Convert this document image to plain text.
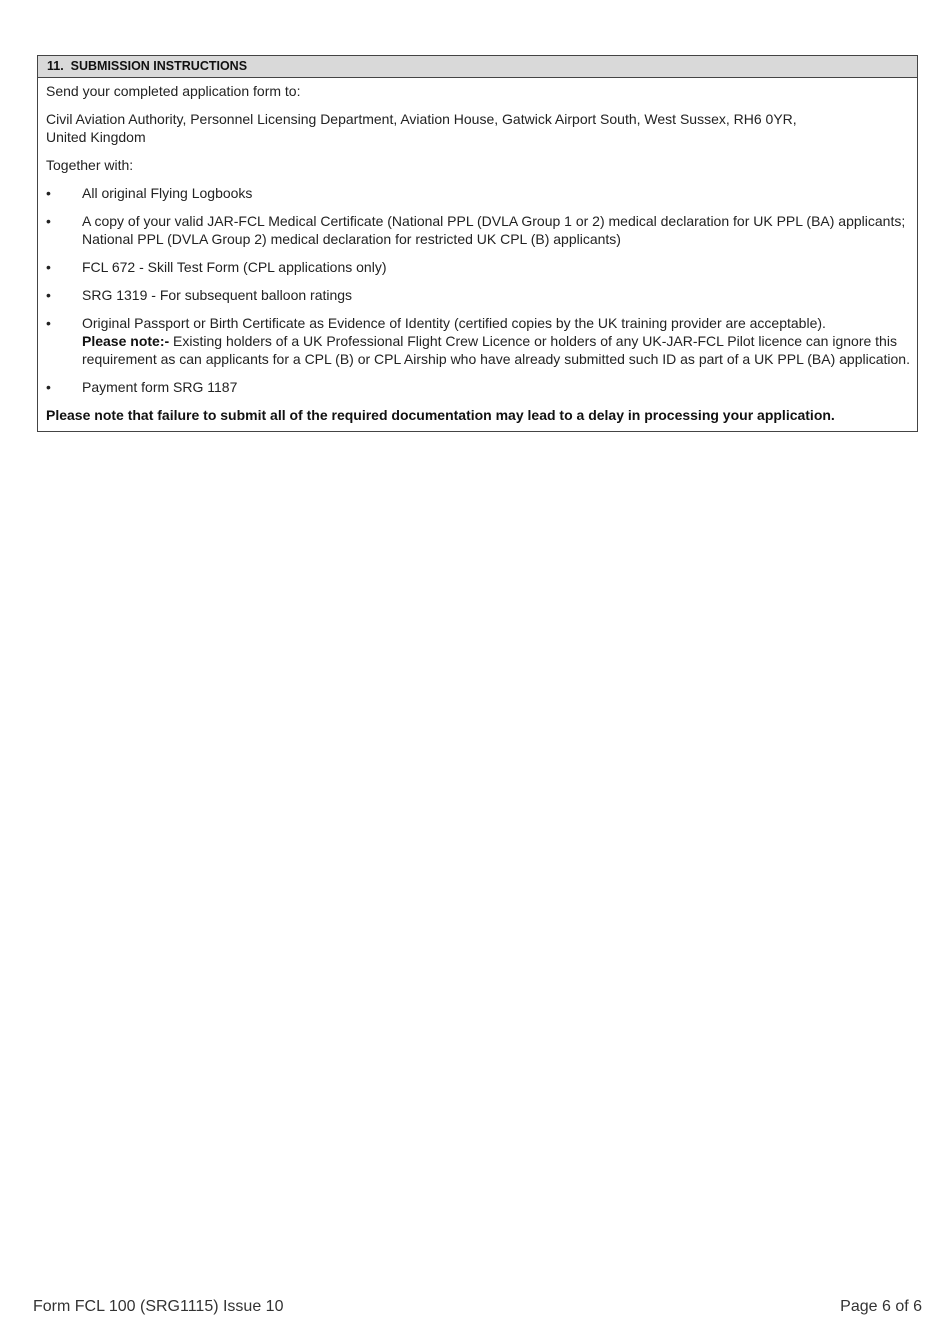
11. SUBMISSION INSTRUCTIONS

Send your completed application form to:

Civil Aviation Authority, Personnel Licensing Department, Aviation House, Gatwick Airport South, West Sussex, RH6 0YR,
United Kingdom

Together with:

• All original Flying Logbooks
• A copy of your valid JAR-FCL Medical Certificate (National PPL (DVLA Group 1 or 2) medical declaration for UK PPL (BA) applicants;
National PPL (DVLA Group 2) medical declaration for restricted UK CPL (B) applicants)
• FCL 672 - Skill Test Form (CPL applications only)
• SRG 1319 - For subsequent balloon ratings
• Original Passport or Birth Certificate as Evidence of Identity (certified copies by the UK training provider are acceptable).
Please note:- Existing holders of a UK Professional Flight Crew Licence or holders of any UK-JAR-FCL Pilot licence can ignore this
requirement as can applicants for a CPL (B) or CPL Airship who have already submitted such ID as part of a UK PPL (BA) application.
• Payment form SRG 1187

Please note that failure to submit all of the required documentation may lead to a delay in processing your application.

Form FCL 100 (SRG1115) Issue 10	Page 6 of 6
